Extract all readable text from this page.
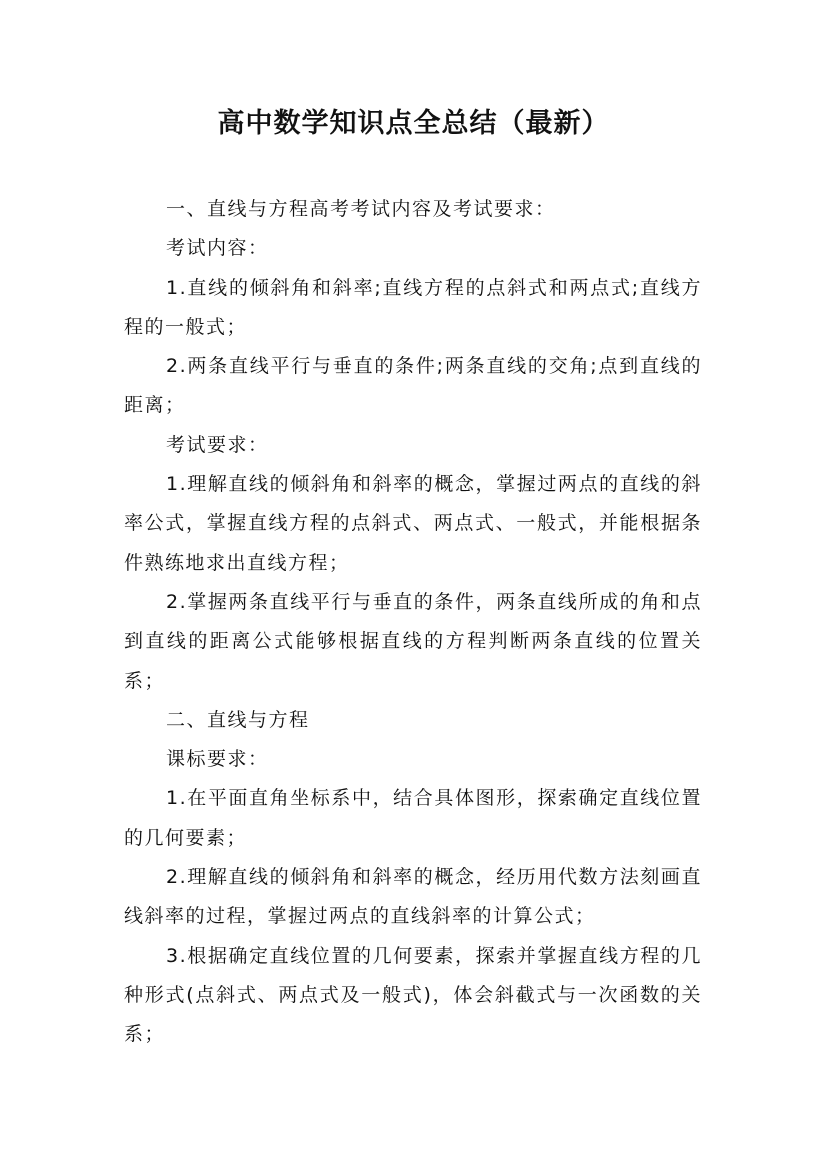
高中数学知识点全总结（最新）

一、直线与方程高考考试内容及考试要求：

考试内容：

1.直线的倾斜角和斜率;直线方程的点斜式和两点式;直线方程的一般式；

2.两条直线平行与垂直的条件;两条直线的交角;点到直线的距离；

考试要求：

1.理解直线的倾斜角和斜率的概念，掌握过两点的直线的斜率公式，掌握直线方程的点斜式、两点式、一般式，并能根据条件熟练地求出直线方程；

2.掌握两条直线平行与垂直的条件，两条直线所成的角和点到直线的距离公式能够根据直线的方程判断两条直线的位置关系；

二、直线与方程

课标要求：

1.在平面直角坐标系中，结合具体图形，探索确定直线位置的几何要素；

2.理解直线的倾斜角和斜率的概念，经历用代数方法刻画直线斜率的过程，掌握过两点的直线斜率的计算公式；

3.根据确定直线位置的几何要素，探索并掌握直线方程的几种形式(点斜式、两点式及一般式)，体会斜截式与一次函数的关系；
